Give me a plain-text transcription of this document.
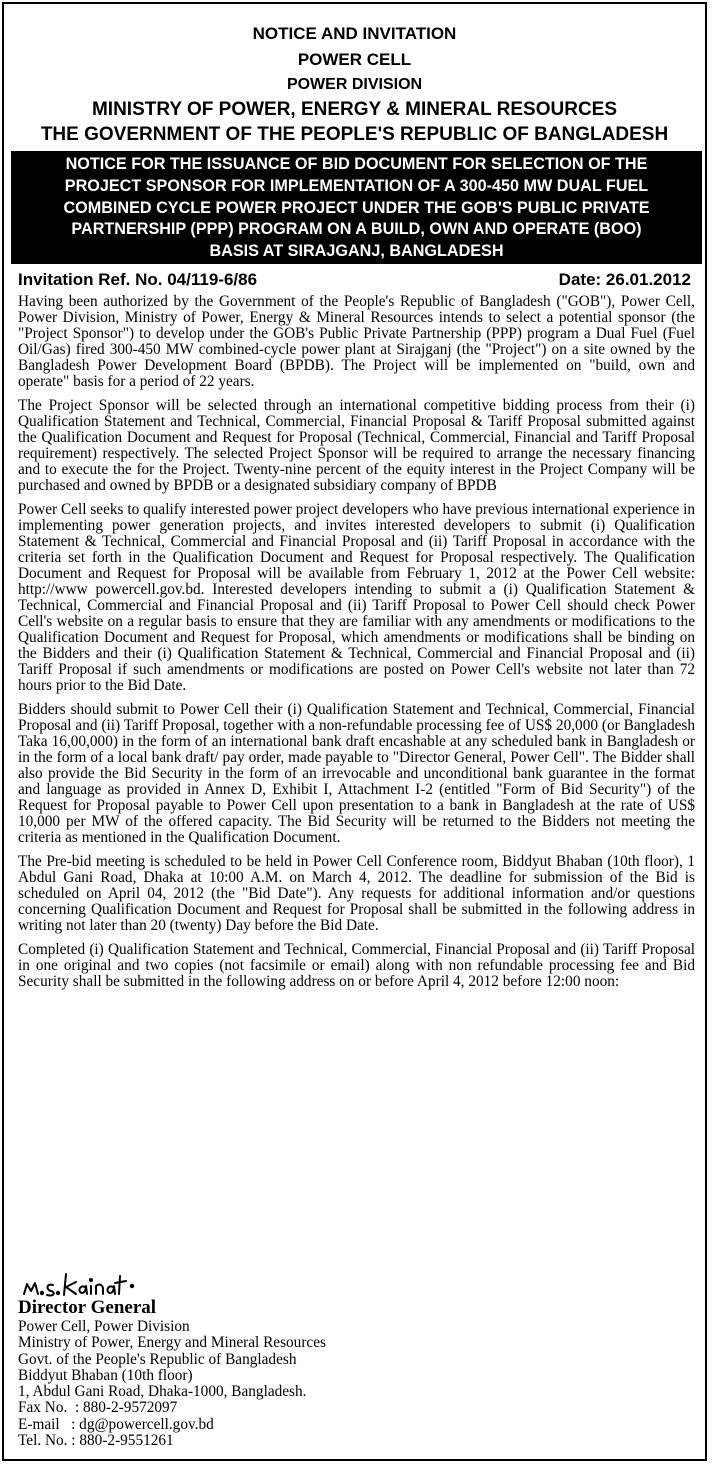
NOTICE AND INVITATION
POWER CELL
POWER DIVISION
MINISTRY OF POWER, ENERGY & MINERAL RESOURCES
THE GOVERNMENT OF THE PEOPLE'S REPUBLIC OF BANGLADESH
NOTICE FOR THE ISSUANCE OF BID DOCUMENT FOR SELECTION OF THE
PROJECT SPONSOR FOR IMPLEMENTATION OF A 300-450 MW DUAL FUEL
COMBINED CYCLE POWER PROJECT UNDER THE GOB'S PUBLIC PRIVATE
PARTNERSHIP (PPP) PROGRAM ON A BUILD, OWN AND OPERATE (BOO)
BASIS AT SIRAJGANJ, BANGLADESH
Invitation Ref. No. 04/119-6/86	Date: 26.01.2012

Having been authorized by the Government of the People's Republic of Bangladesh ("GOB"), Power Cell, Power Division, Ministry of Power, Energy & Mineral Resources intends to select a potential sponsor (the "Project Sponsor") to develop under the GOB's Public Private Partnership (PPP) program a Dual Fuel (Fuel Oil/Gas) fired 300-450 MW combined-cycle power plant at Sirajganj (the "Project") on a site owned by the Bangladesh Power Development Board (BPDB). The Project will be implemented on "build, own and operate" basis for a period of 22 years.

The Project Sponsor will be selected through an international competitive bidding process from their (i) Qualification Statement and Technical, Commercial, Financial Proposal & Tariff Proposal submitted against the Qualification Document and Request for Proposal (Technical, Commercial, Financial and Tariff Proposal requirement) respectively. The selected Project Sponsor will be required to arrange the necessary financing and to execute the for the Project. Twenty-nine percent of the equity interest in the Project Company will be purchased and owned by BPDB or a designated subsidiary company of BPDB

Power Cell seeks to qualify interested power project developers who have previous international experience in implementing power generation projects, and invites interested developers to submit (i) Qualification Statement & Technical, Commercial and Financial Proposal and (ii) Tariff Proposal in accordance with the criteria set forth in the Qualification Document and Request for Proposal respectively. The Qualification Document and Request for Proposal will be available from February 1, 2012 at the Power Cell website: http://www powercell.gov.bd. Interested developers intending to submit a (i) Qualification Statement & Technical, Commercial and Financial Proposal and (ii) Tariff Proposal to Power Cell should check Power Cell's website on a regular basis to ensure that they are familiar with any amendments or modifications to the Qualification Document and Request for Proposal, which amendments or modifications shall be binding on the Bidders and their (i) Qualification Statement & Technical, Commercial and Financial Proposal and (ii) Tariff Proposal if such amendments or modifications are posted on Power Cell's website not later than 72 hours prior to the Bid Date.

Bidders should submit to Power Cell their (i) Qualification Statement and Technical, Commercial, Financial Proposal and (ii) Tariff Proposal, together with a non-refundable processing fee of US$ 20,000 (or Bangladesh Taka 16,00,000) in the form of an international bank draft encashable at any scheduled bank in Bangladesh or in the form of a local bank draft/ pay order, made payable to "Director General, Power Cell". The Bidder shall also provide the Bid Security in the form of an irrevocable and unconditional bank guarantee in the format and language as provided in Annex D, Exhibit I, Attachment I-2 (entitled "Form of Bid Security") of the Request for Proposal payable to Power Cell upon presentation to a bank in Bangladesh at the rate of US$ 10,000 per MW of the offered capacity. The Bid Security will be returned to the Bidders not meeting the criteria as mentioned in the Qualification Document.

The Pre-bid meeting is scheduled to be held in Power Cell Conference room, Biddyut Bhaban (10th floor), 1 Abdul Gani Road, Dhaka at 10:00 A.M. on March 4, 2012. The deadline for submission of the Bid is scheduled on April 04, 2012 (the "Bid Date"). Any requests for additional information and/or questions concerning Qualification Document and Request for Proposal shall be submitted in the following address in writing not later than 20 (twenty) Day before the Bid Date.

Completed (i) Qualification Statement and Technical, Commercial, Financial Proposal and (ii) Tariff Proposal in one original and two copies (not facsimile or email) along with non refundable processing fee and Bid Security shall be submitted in the following address on or before April 4, 2012 before 12:00 noon:

Director General
Power Cell, Power Division
Ministry of Power, Energy and Mineral Resources
Govt. of the People's Republic of Bangladesh
Biddyut Bhaban (10th floor)
1, Abdul Gani Road, Dhaka-1000, Bangladesh.
Fax No.  : 880-2-9572097
E-mail   : dg@powercell.gov.bd
Tel. No. : 880-2-9551261
